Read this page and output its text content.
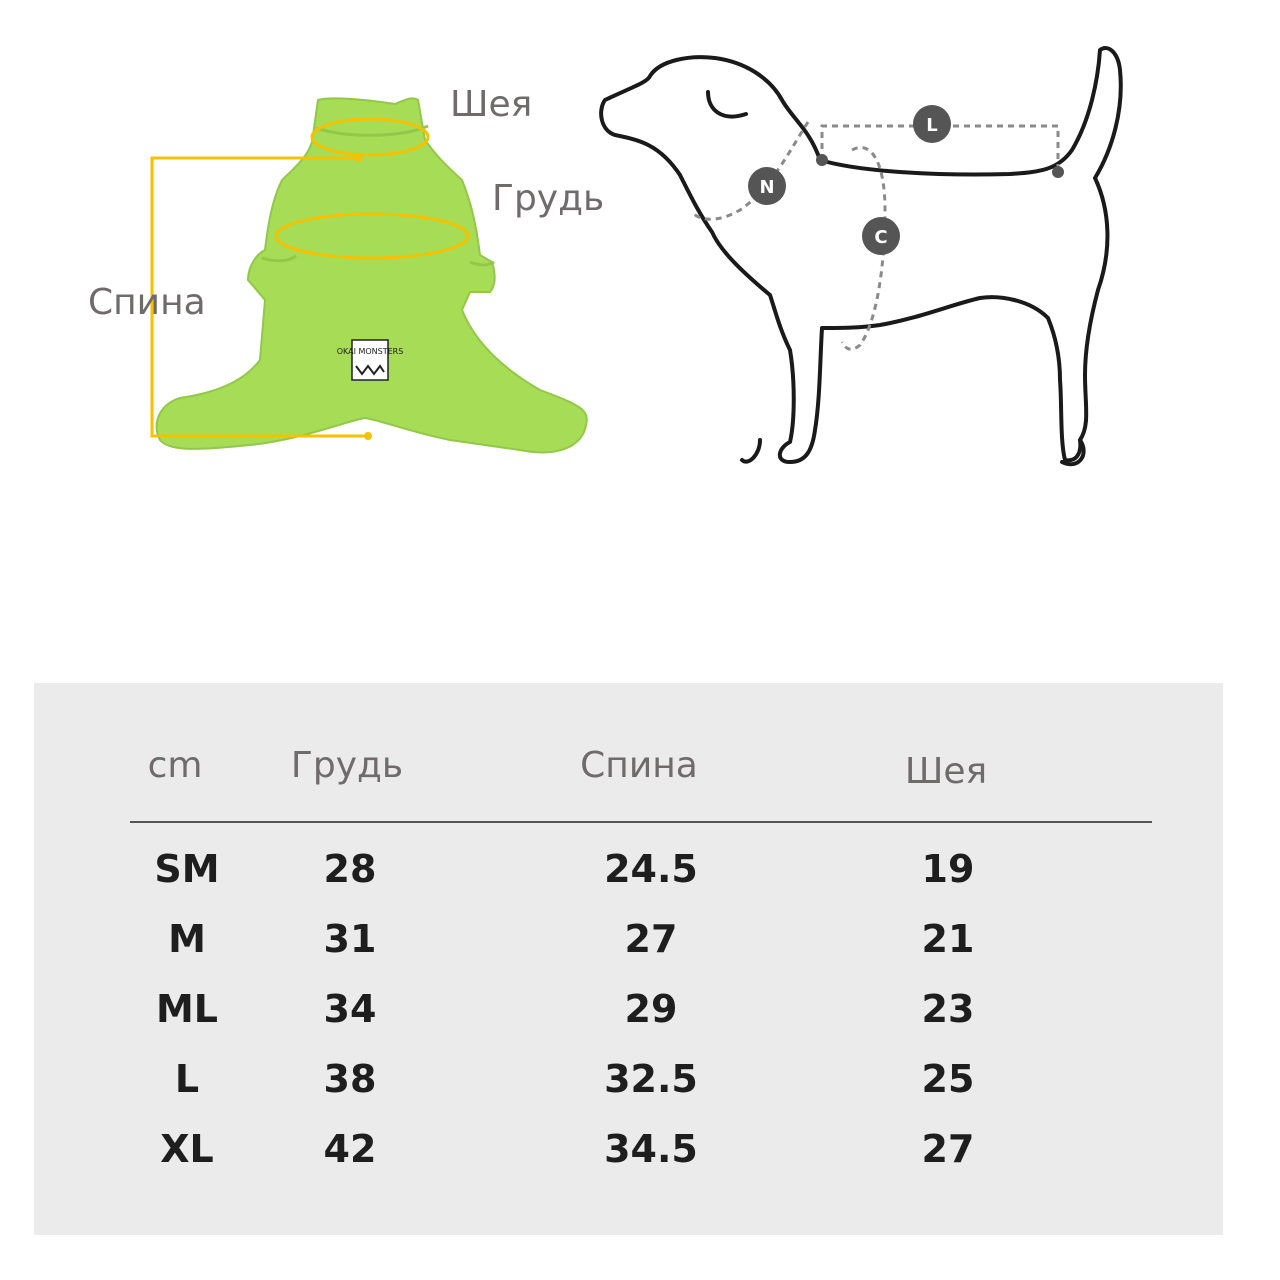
OKAI MONSTERS
L
N
C
Шея
Грудь
Спина
cm Грудь	Спина	Шея
SM	28	24.5	19
M	31	27	21
ML	34	29	23
L	38	32.5	25
XL	42	34.5	27
